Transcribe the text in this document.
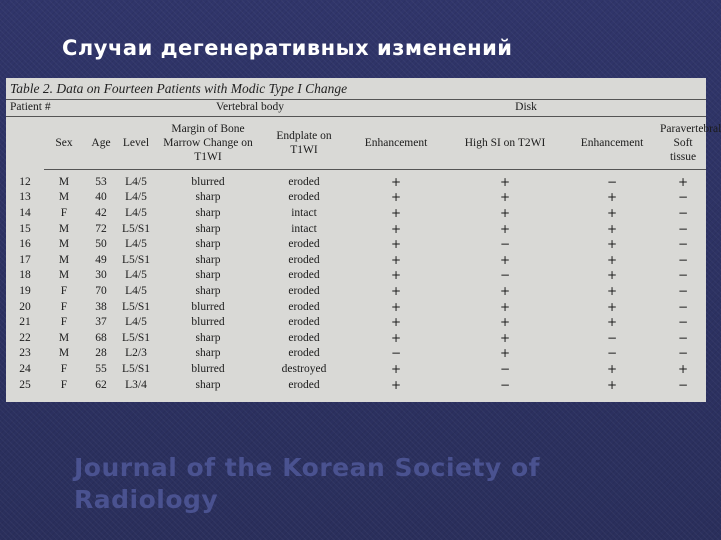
Случаи дегенеративных изменений
Table 2. Data on Fourteen Patients with Modic Type I Change
Patient #				Vertebral body		Disk			
	Sex	Age	Level	Margin of Bone Marrow Change on T1WI	Endplate on T1WI	Enhancement	High SI on T2WI	Enhancement	Paravertebral Soft tissue
12	M	53	L4/5	blurred	eroded	+	+	−	+
13	M	40	L4/5	sharp	eroded	+	+	+	−
14	F	42	L4/5	sharp	intact	+	+	+	−
15	M	72	L5/S1	sharp	intact	+	+	+	−
16	M	50	L4/5	sharp	eroded	+	−	+	−
17	M	49	L5/S1	sharp	eroded	+	+	+	−
18	M	30	L4/5	sharp	eroded	+	−	+	−
19	F	70	L4/5	sharp	eroded	+	+	+	−
20	F	38	L5/S1	blurred	eroded	+	+	+	−
21	F	37	L4/5	blurred	eroded	+	+	+	−
22	M	68	L5/S1	sharp	eroded	+	+	−	−
23	M	28	L2/3	sharp	eroded	−	+	−	−
24	F	55	L5/S1	blurred	destroyed	+	−	+	+
25	F	62	L3/4	sharp	eroded	+	−	+	−

Journal of the Korean Society of Radiology
